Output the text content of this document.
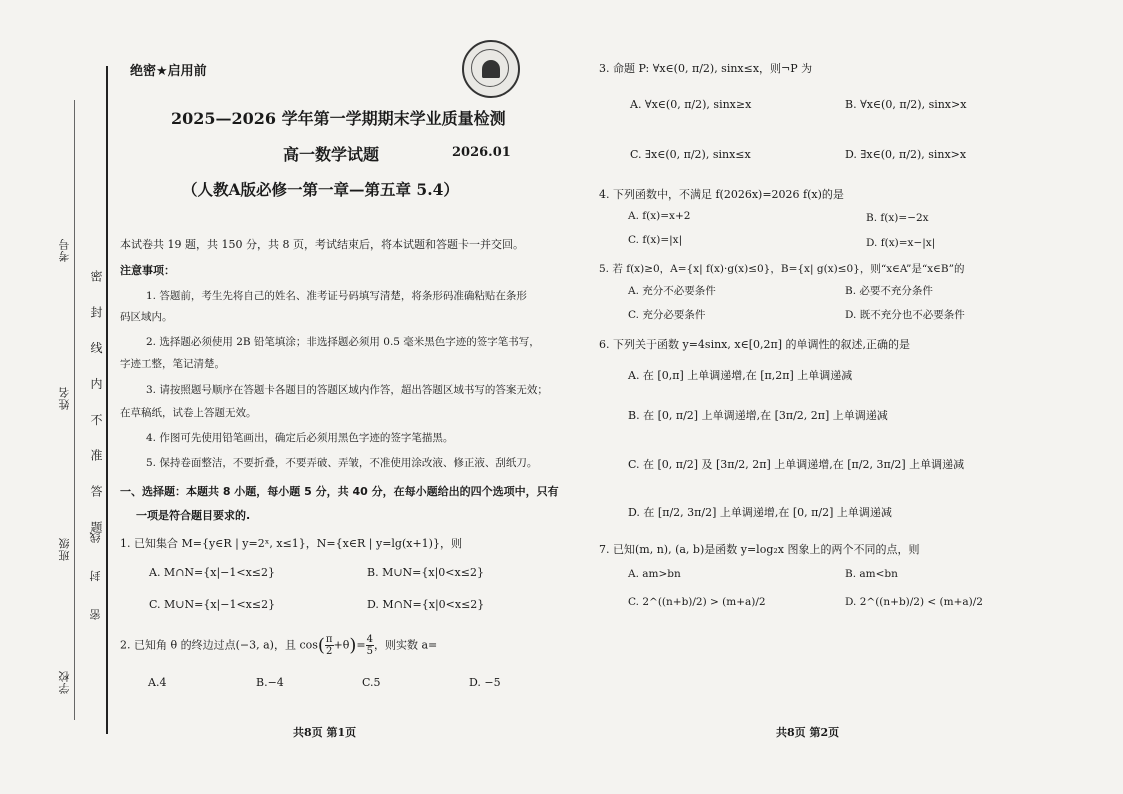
考号
姓名
班级
学校
密 封 线 内 不 准 答 题
密 封 线
绝密★启用前
2025—2026 学年第一学期期末学业质量检测
高一数学试题	2026.01
（人教A版必修一第一章—第五章 5.4）
本试卷共 19 题，共 150 分，共 8 页，考试结束后，将本试题和答题卡一并交回。
注意事项：
1. 答题前，考生先将自己的姓名、准考证号码填写清楚，将条形码准确粘贴在条形
码区域内。
2. 选择题必须使用 2B 铅笔填涂；非选择题必须用 0.5 毫米黑色字迹的签字笔书写，
字迹工整，笔记清楚。
3. 请按照题号顺序在答题卡各题目的答题区域内作答，超出答题区域书写的答案无效；
在草稿纸，试卷上答题无效。
4. 作图可先使用铅笔画出，确定后必须用黑色字迹的签字笔描黑。
5. 保持卷面整洁，不要折叠，不要弄破、弄皱，不准使用涂改液、修正液、刮纸刀。
一、选择题：本题共 8 小题，每小题 5 分，共 40 分，在每小题给出的四个选项中，只有
一项是符合题目要求的.
1. 已知集合 M={y∈R | y=2ˣ, x≤1}，N={x∈R | y=lg(x+1)}，则
A. M∩N={x|−1<x≤2}	B. M∪N={x|0<x≤2}
C. M∪N={x|−1<x≤2}	D. M∩N={x|0<x≤2}
2. 已知角 θ 的终边过点(−3, a)，且 $\cos( \frac{\pi}{2} +\theta)= \frac{4}{5}$ ，则实数 a=
A.4	B.−4	C.5	D. −5
共8页 第1页
3. 命题 P: ∀x∈(0, π/2), sinx≤x，则¬P 为
A. ∀x∈(0, π/2), sinx≥x	B. ∀x∈(0, π/2), sinx>x
C. ∃x∈(0, π/2), sinx≤x	D. ∃x∈(0, π/2), sinx>x
4. 下列函数中，不满足 f(2026x)=2026 f(x)的是
A. f(x)=x+2	B. f(x)=−2x
C. f(x)=|x|	D. f(x)=x−|x|
5. 若 f(x)≥0，A={x| f(x)·g(x)≤0}，B={x| g(x)≤0}，则“x∈A”是“x∈B”的
A. 充分不必要条件	B. 必要不充分条件
C. 充分必要条件	D. 既不充分也不必要条件
6. 下列关于函数 y=4sinx, x∈[0,2π] 的单调性的叙述,正确的是
A. 在 [0,π] 上单调递增,在 [π,2π] 上单调递减
B. 在 [0, π/2] 上单调递增,在 [3π/2, 2π] 上单调递减
C. 在 [0, π/2] 及 [3π/2, 2π] 上单调递增,在 [π/2, 3π/2] 上单调递减
D. 在 [π/2, 3π/2] 上单调递增,在 [0, π/2] 上单调递减
7. 已知(m, n), (a, b)是函数 y=log₂x 图象上的两个不同的点，则
A. am>bn	B. am<bn
C. 2^((n+b)/2) > (m+a)/2	D. 2^((n+b)/2) < (m+a)/2
共8页 第2页
